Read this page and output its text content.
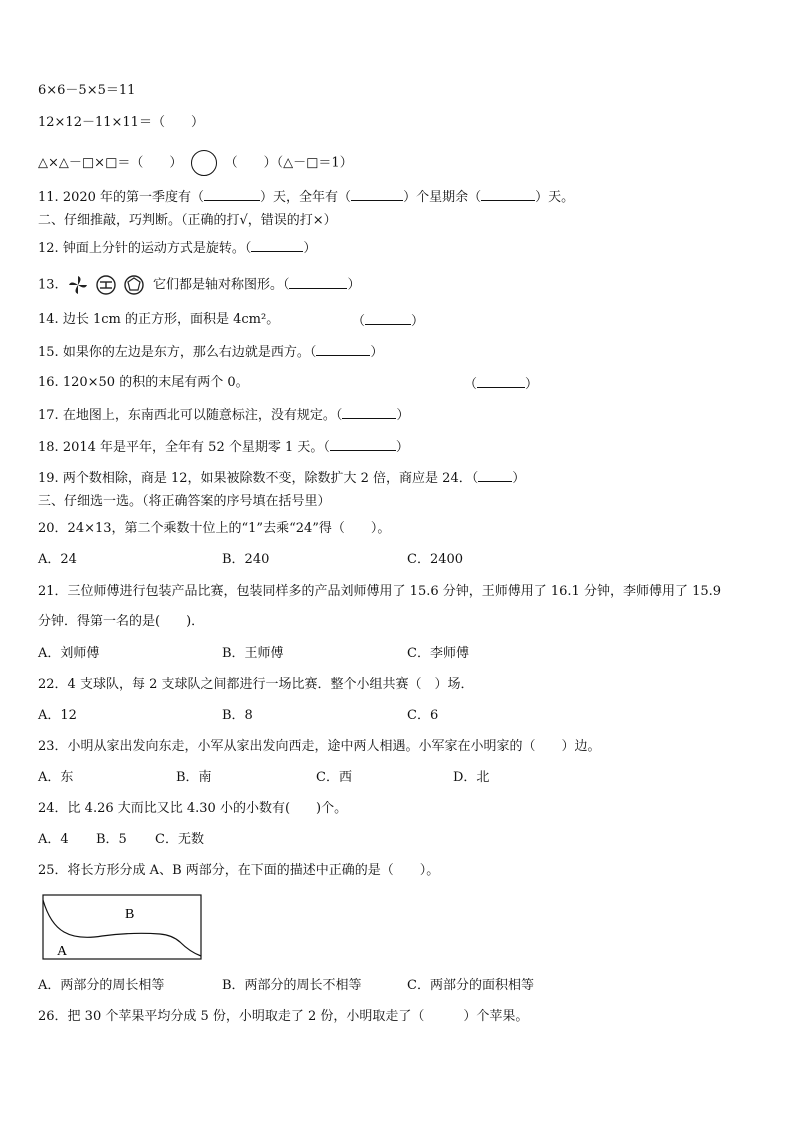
6×6－5×5＝11
12×12－11×11＝（　　）
△×△－□×□＝（　　）	（　　）（△－□＝1）
11. 2020 年的第一季度有（	）天，全年有（	）个星期余（	）天。
二、仔细推敲，巧判断。（正确的打√，错误的打×）
12. 钟面上分针的运动方式是旋转。（	）
13.	它们都是轴对称图形。（	）
14. 边长 1cm 的正方形，面积是 4cm²。	（	）
15. 如果你的左边是东方，那么右边就是西方。（	）
16. 120×50 的积的末尾有两个 0。	（	）
17. 在地图上，东南西北可以随意标注，没有规定。（	）
18. 2014 年是平年，全年有 52 个星期零 1 天。（	）
19. 两个数相除，商是 12，如果被除数不变，除数扩大 2 倍，商应是 24．（	）
三、仔细选一选。（将正确答案的序号填在括号里）
20．24×13，第二个乘数十位上的“1”去乘“24”得（　　）。
A．24	B．240	C．2400
21．三位师傅进行包装产品比赛，包装同样多的产品刘师傅用了 15.6 分钟，王师傅用了 16.1 分钟，李师傅用了 15.9
分钟．得第一名的是(　　)．
A．刘师傅	B．王师傅	C．李师傅
22．4 支球队，每 2 支球队之间都进行一场比赛．整个小组共赛（　）场．
A．12	B．8	C．6
23．小明从家出发向东走，小军从家出发向西走，途中两人相遇。小军家在小明家的（　　）边。
A．东	B．南	C．西	D．北
24．比 4.26 大而比又比 4.30 小的小数有(　　)个。
A．4 B．5 C．无数
25．将长方形分成 A、B 两部分，在下面的描述中正确的是（　　）。
B
A
A．两部分的周长相等	B．两部分的周长不相等	C．两部分的面积相等
26．把 30 个苹果平均分成 5 份，小明取走了 2 份，小明取走了（　　　）个苹果。
